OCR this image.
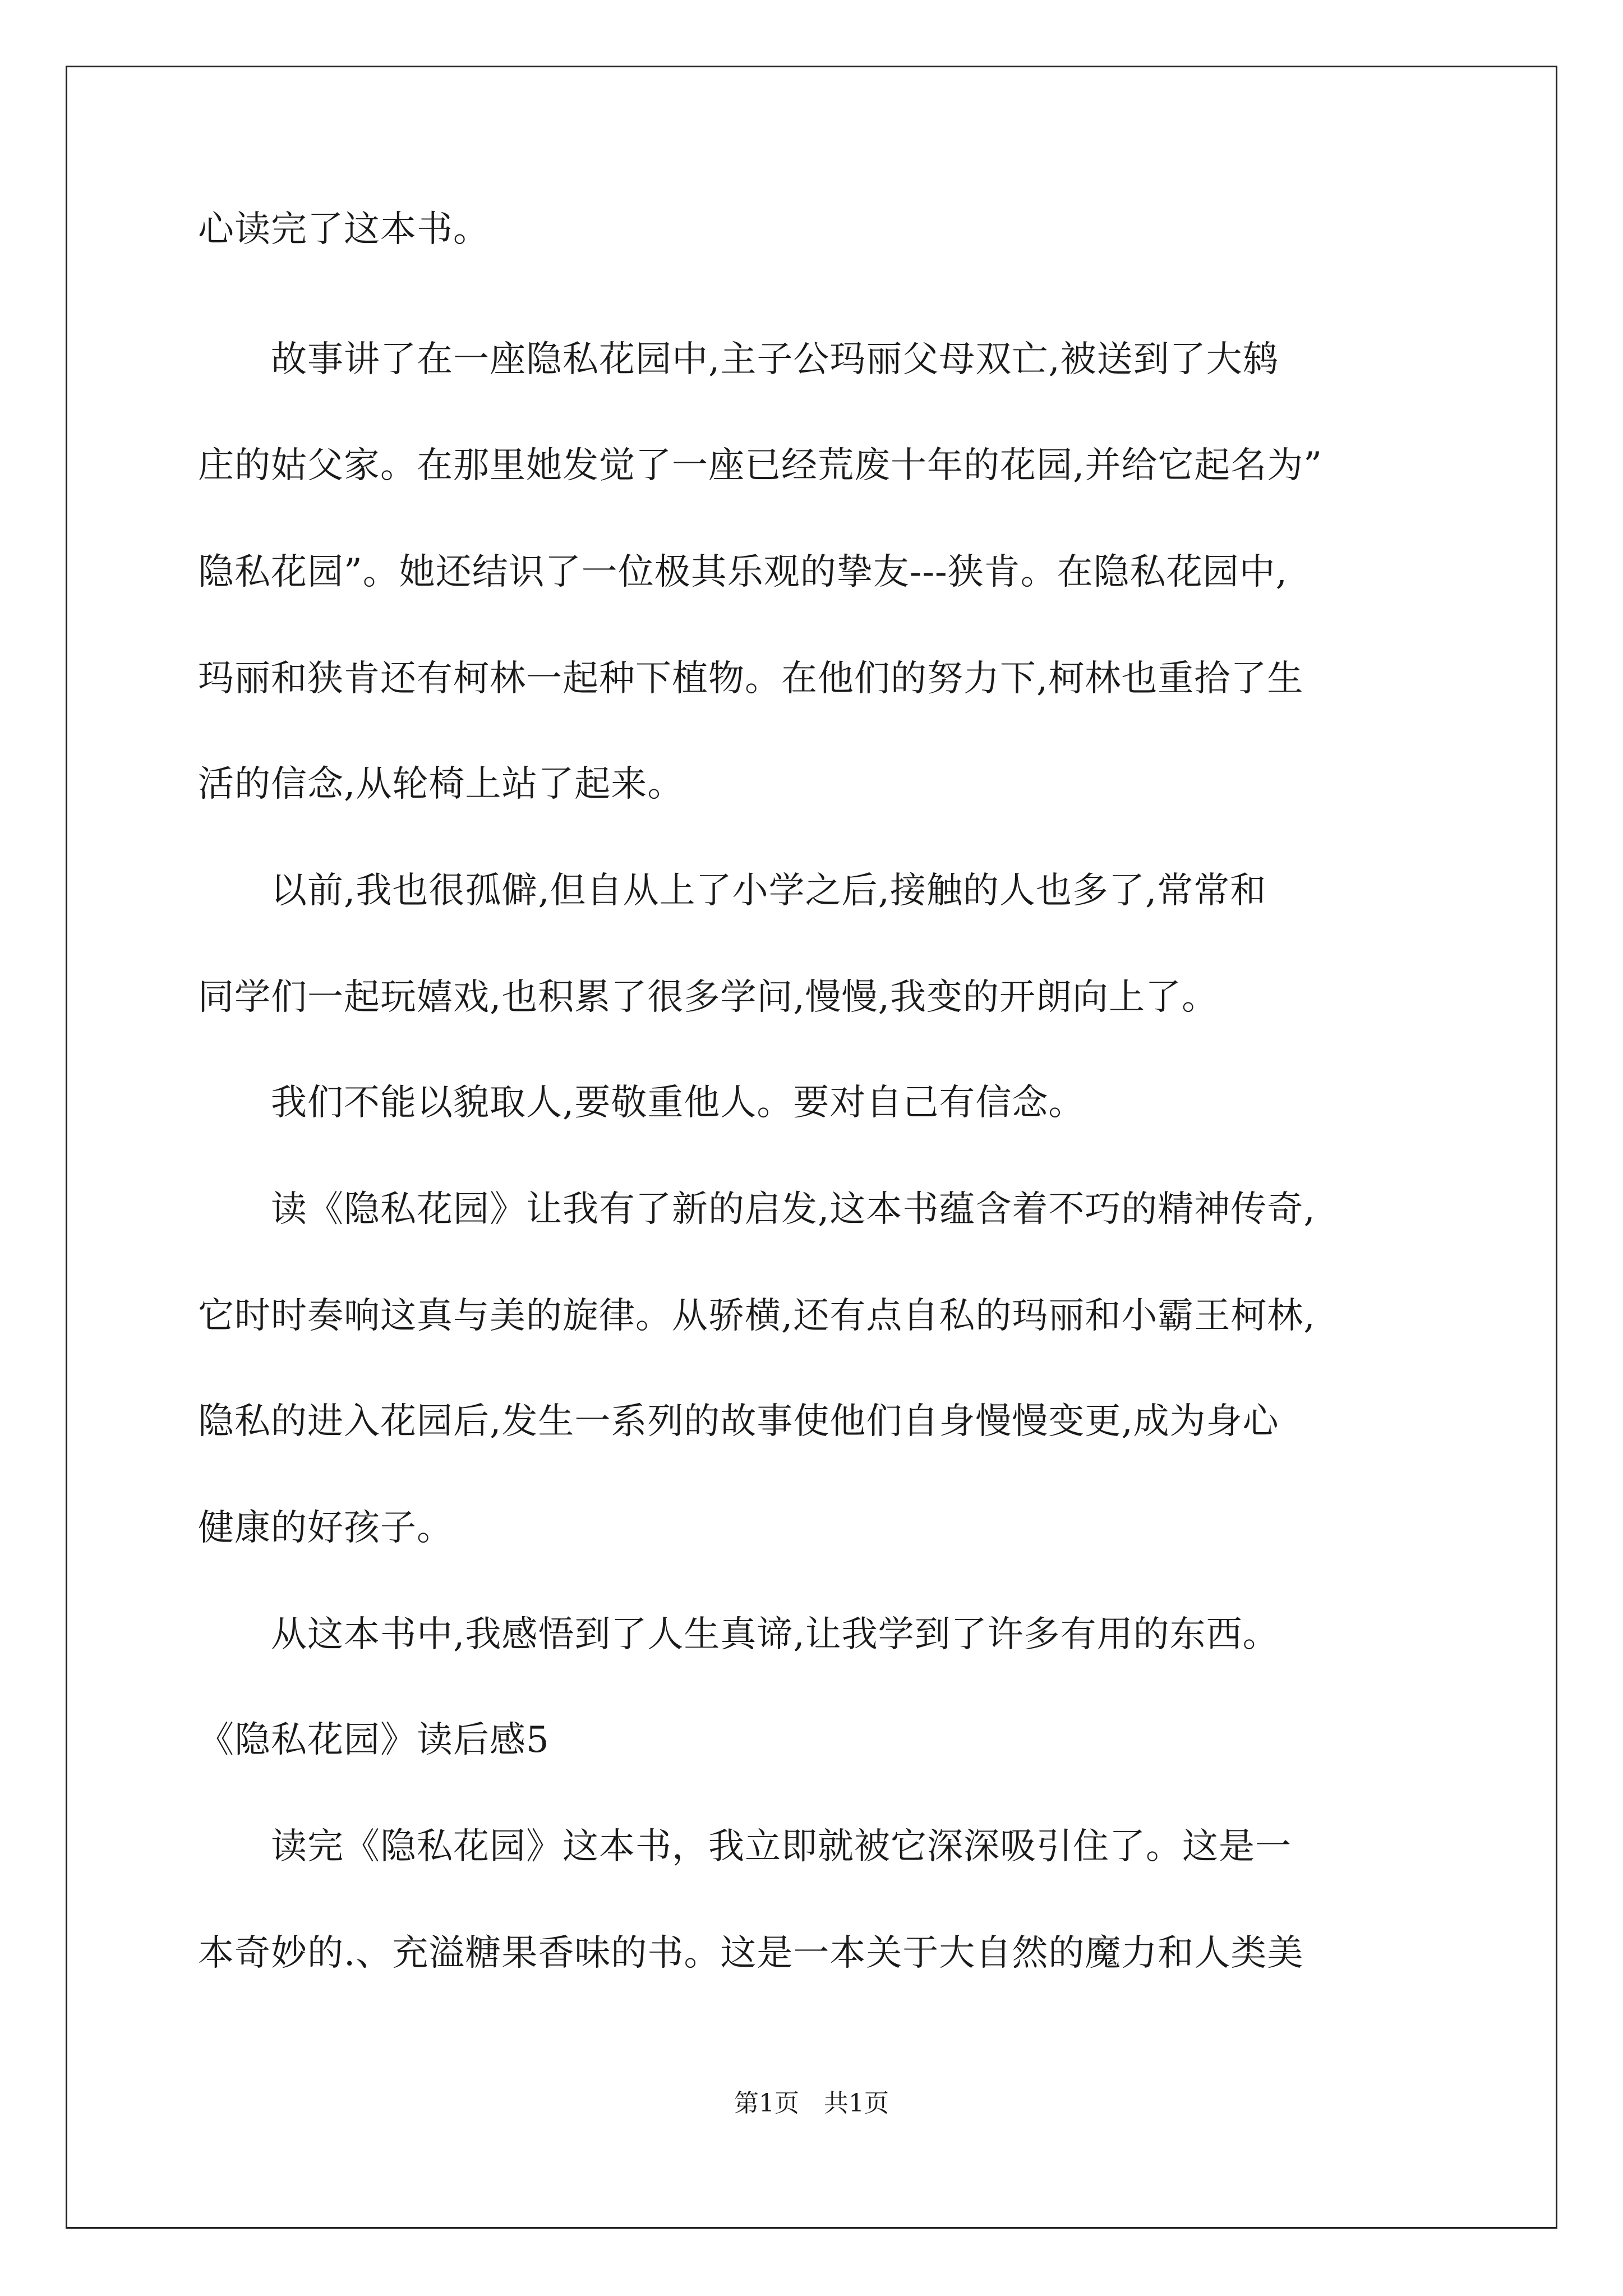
心读完了这本书。
　　故事讲了在一座隐私花园中,主子公玛丽父母双亡,被送到了大鸫
庄的姑父家。在那里她发觉了一座已经荒废十年的花园,并给它起名为”
隐私花园”。她还结识了一位极其乐观的挚友---狭肯。在隐私花园中,
玛丽和狭肯还有柯林一起种下植物。在他们的努力下,柯林也重拾了生
活的信念,从轮椅上站了起来。
　　以前,我也很孤僻,但自从上了小学之后,接触的人也多了,常常和
同学们一起玩嬉戏,也积累了很多学问,慢慢,我变的开朗向上了。
　　我们不能以貌取人,要敬重他人。要对自己有信念。
　　读《隐私花园》让我有了新的启发,这本书蕴含着不巧的精神传奇,
它时时奏响这真与美的旋律。从骄横,还有点自私的玛丽和小霸王柯林,
隐私的进入花园后,发生一系列的故事使他们自身慢慢变更,成为身心
健康的好孩子。
　　从这本书中,我感悟到了人生真谛,让我学到了许多有用的东西。
《隐私花园》读后感5
　　读完《隐私花园》这本书，我立即就被它深深吸引住了。这是一
本奇妙的.、充溢糖果香味的书。这是一本关于大自然的魔力和人类美
第1页　共1页
